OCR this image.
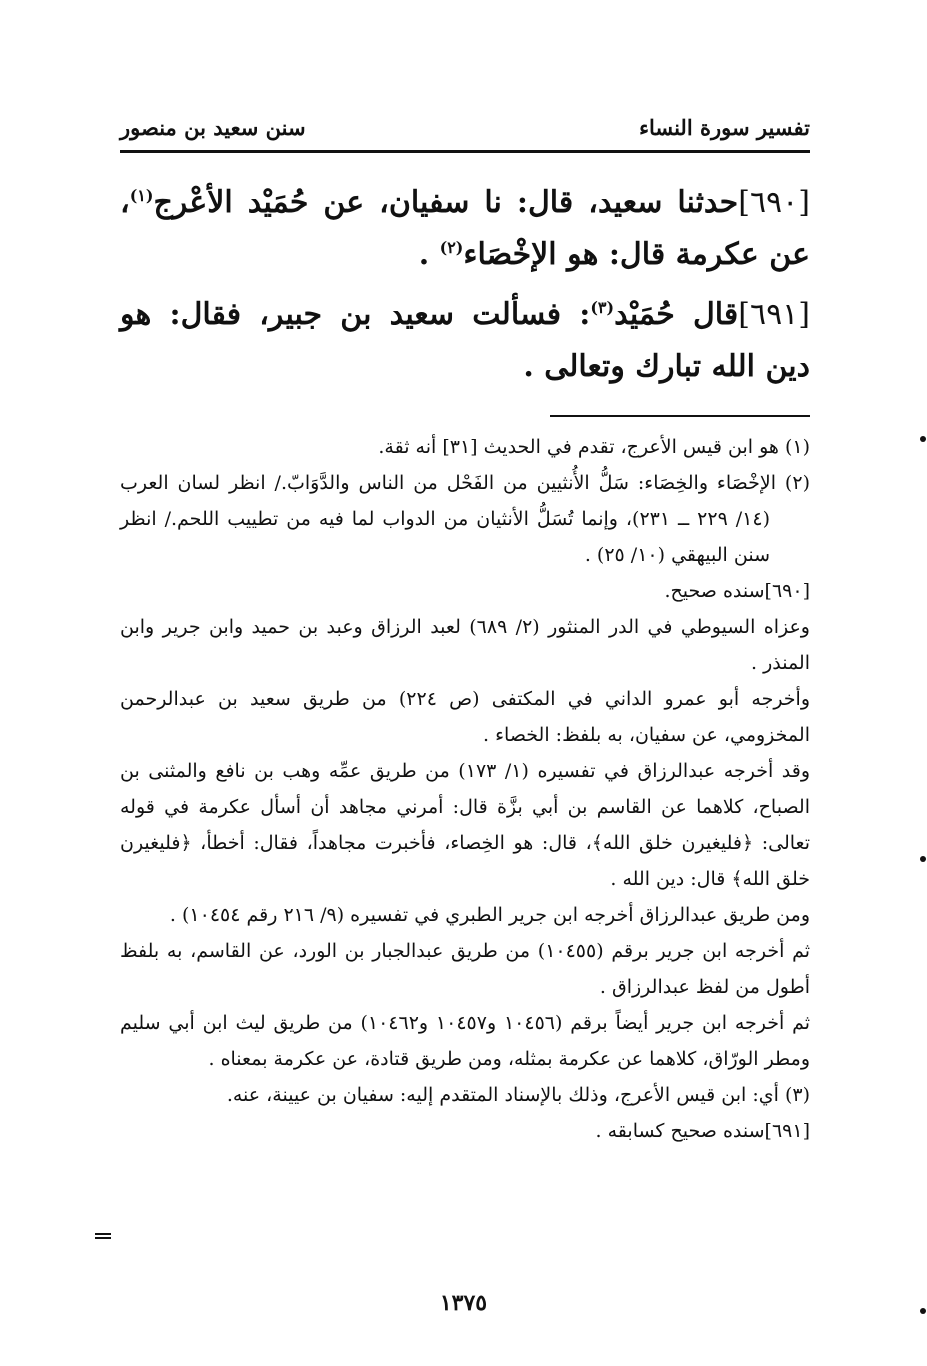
تفسير سورة النساء
سنن سعيد بن منصور

[٦٩٠]حدثنا سعيد، قال: نا سفيان، عن حُمَيْد الأعْرج$^{(١)}$، عن عكرمة قال: هو الإخْصَاء$^{(٢)}$ .

[٦٩١]قال حُمَيْد$^{(٣)}$: فسألت سعيد بن جبير، فقال: هو دين الله تبارك وتعالى .

(١) هو ابن قيس الأعرج، تقدم في الحديث [٣١] أنه ثقة.
(٢) الإخْصَاء والخِصَاء: سَلُّ الأُنثيين من الفَحْل من الناس والدَّوَابّ./ انظر لسان العرب (١٤/ ٢٢٩ ــ ٢٣١)، وإنما تُسَلُّ الأنثيان من الدواب لما فيه من تطييب اللحم./ انظر سنن البيهقي (١٠/ ٢٥) .
[٦٩٠]سنده صحيح.
وعزاه السيوطي في الدر المنثور (٢/ ٦٨٩) لعبد الرزاق وعبد بن حميد وابن جرير وابن المنذر .
وأخرجه أبو عمرو الداني في المكتفى (ص ٢٢٤) من طريق سعيد بن عبدالرحمن المخزومي، عن سفيان، به بلفظ: الخصاء .
وقد أخرجه عبدالرزاق في تفسيره (١/ ١٧٣) من طريق عمِّه وهب بن نافع والمثنى بن الصباح، كلاهما عن القاسم بن أبي بزَّة قال: أمرني مجاهد أن أسأل عكرمة في قوله تعالى: ﴿فليغيرن خلق الله﴾، قال: هو الخِصاء، فأخبرت مجاهداً، فقال: أخطأ، ﴿فليغيرن خلق الله﴾ قال: دين الله .
ومن طريق عبدالرزاق أخرجه ابن جرير الطبري في تفسيره (٩/ ٢١٦ رقم ١٠٤٥٤) .
ثم أخرجه ابن جرير برقم (١٠٤٥٥) من طريق عبدالجبار بن الورد، عن القاسم، به بلفظ أطول من لفظ عبدالرزاق .
ثم أخرجه ابن جرير أيضاً برقم (١٠٤٥٦ و١٠٤٥٧ و١٠٤٦٢) من طريق ليث ابن أبي سليم ومطر الورّاق، كلاهما عن عكرمة بمثله، ومن طريق قتادة، عن عكرمة بمعناه .
(٣) أي: ابن قيس الأعرج، وذلك بالإسناد المتقدم إليه: سفيان بن عيينة، عنه.
[٦٩١]سنده صحيح كسابقه .
١٣٧٥
